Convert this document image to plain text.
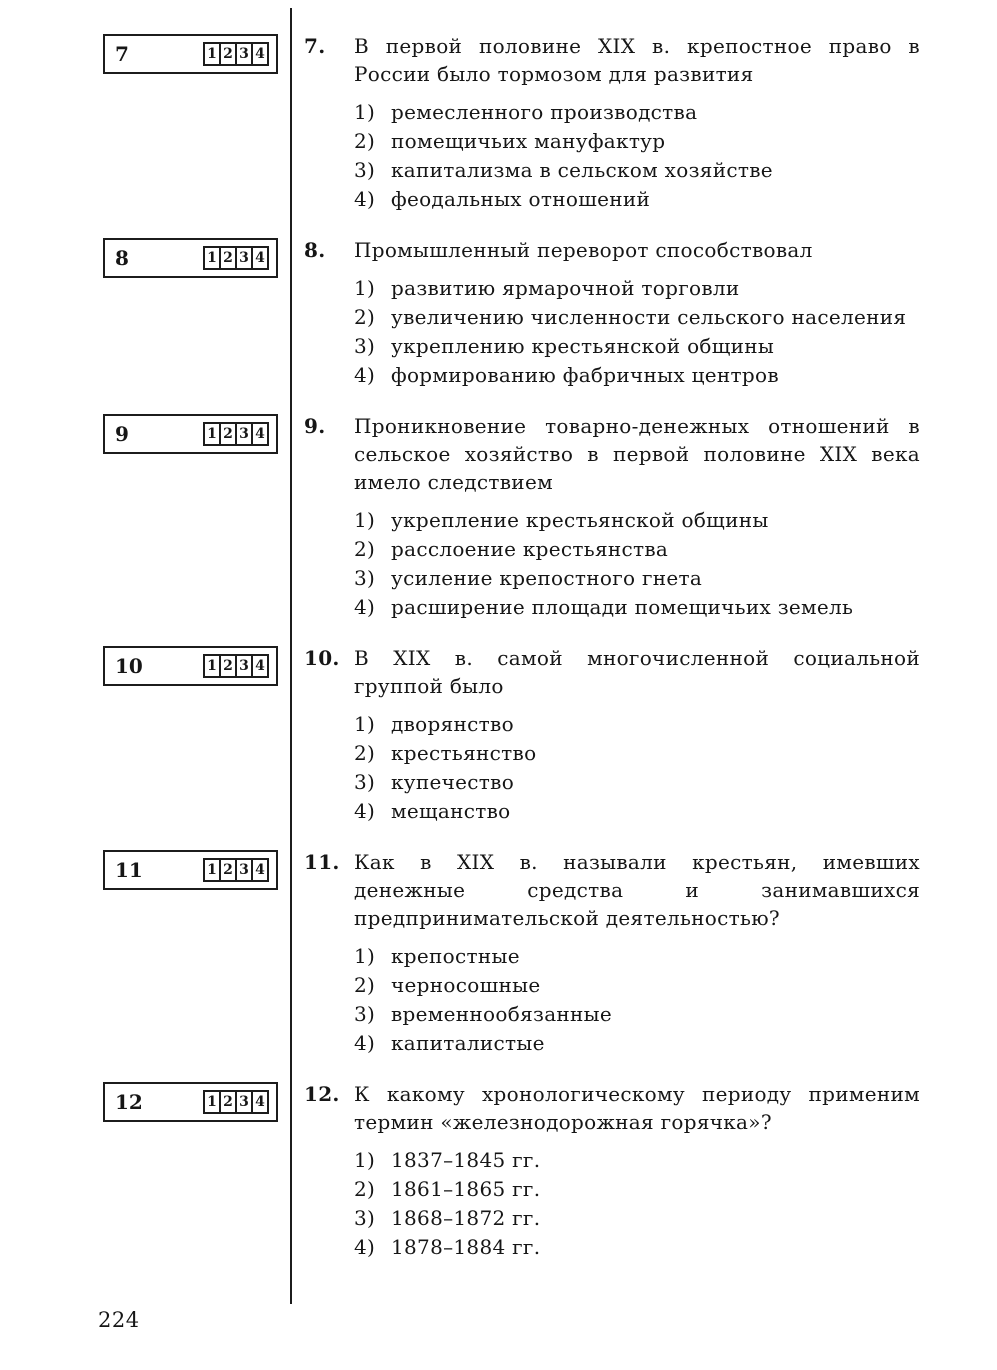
7	1 2 3 4 7.	В первой половине XIX в. крепостное право в России было тормозом для развития
1) ремесленного производства
2) помещичьих мануфактур
3) капитализма в сельском хозяйстве
4) феодальных отношений
8	1 2 3 4 8.	Промышленный переворот способствовал
1) развитию ярмарочной торговли
2) увеличению численности сельского населения
3) укреплению крестьянской общины
4) формированию фабричных центров
9	1 2 3 4 9.	Проникновение товарно-денежных отношений в сельское хозяйство в первой половине XIX века имело следствием
1) укрепление крестьянской общины
2) расслоение крестьянства
3) усиление крепостного гнета
4) расширение площади помещичьих земель
10	1 2 3 4 10. В XIX в. самой многочисленной социальной группой было
1) дворянство
2) крестьянство
3) купечество
4) мещанство
11	1 2 3 4 11. Как в XIX в. называли крестьян, имевших денежные средства и занимавшихся предпринимательской деятельностью?
1) крепостные
2) черносошные
3) временнообязанные
4) капиталистые
12	1 2 3 4 12. К какому хронологическому периоду применим термин «железнодорожная горячка»?
1) 1837–1845 гг.
2) 1861–1865 гг.
3) 1868–1872 гг.
4) 1878–1884 гг.
224
